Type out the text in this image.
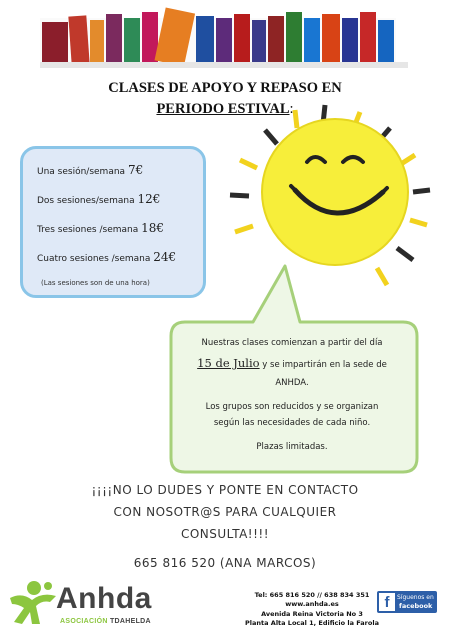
CLASES DE APOYO Y REPASO EN
PERIODO ESTIVAL:
Una sesión/semana 7€
Dos sesiones/semana 12€
Tres sesiones /semana 18€
Cuatro sesiones /semana 24€
(Las sesiones son de una hora)
Nuestras clases comienzan a partir del día
15 de Julio y se impartirán en la sede de
ANHDA.
Los grupos son reducidos y se organizan
según las necesidades de cada niño.
Plazas limitadas.
¡¡¡¡NO LO DUDES Y PONTE EN CONTACTO
CON NOSOTR@S PARA CUALQUIER
CONSULTA!!!!
665 816 520 (ANA MARCOS)
Anhda
ASOCIACIÓN TDAHELDA
Tel: 665 816 520 // 638 834 351
www.anhda.es
Avenida Reina Victoria No 3
Planta Alta Local 1, Edificio la Farola
f	Síguenos en
facebook
